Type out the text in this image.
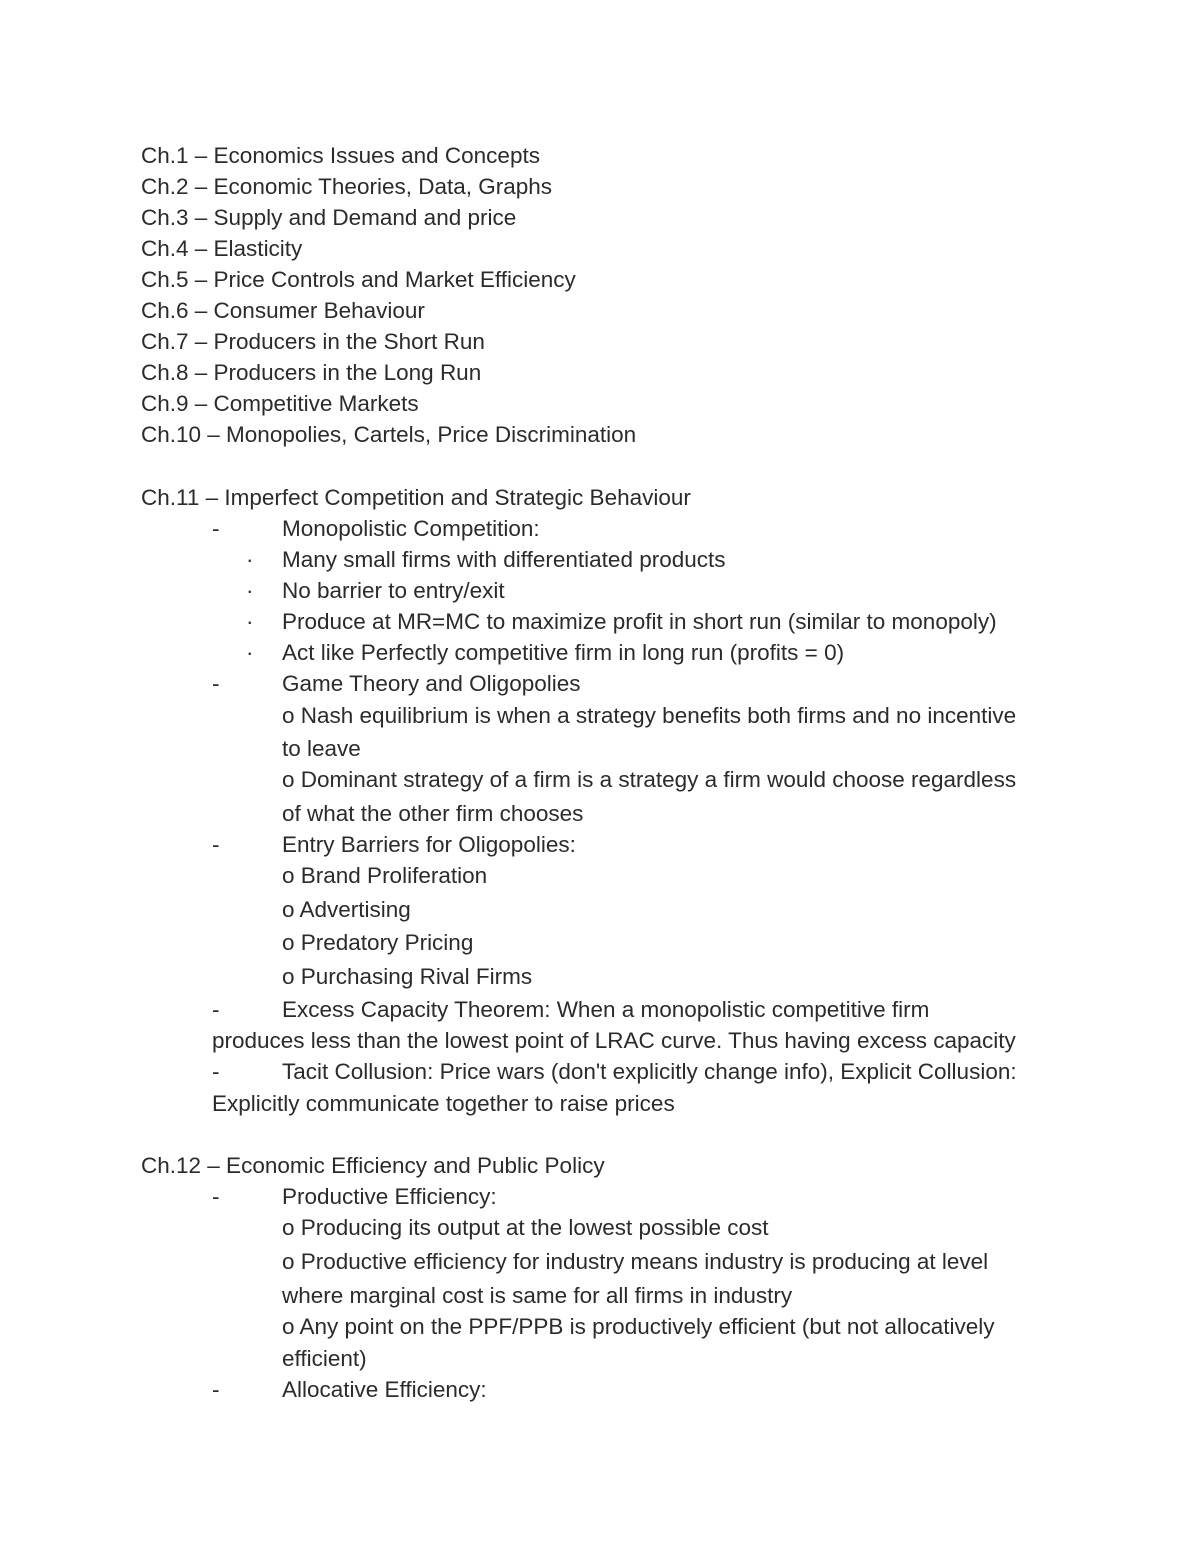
Ch.1 – Economics Issues and Concepts
Ch.2 – Economic Theories, Data, Graphs
Ch.3 – Supply and Demand and price
Ch.4 – Elasticity
Ch.5 – Price Controls and Market Efficiency
Ch.6 – Consumer Behaviour
Ch.7 – Producers in the Short Run
Ch.8 – Producers in the Long Run
Ch.9 – Competitive Markets
Ch.10 – Monopolies, Cartels, Price Discrimination
Ch.11 – Imperfect Competition and Strategic Behaviour
-	Monopolistic Competition:
· Many small firms with differentiated products
· No barrier to entry/exit
· Produce at MR=MC to maximize profit in short run (similar to monopoly)
· Act like Perfectly competitive firm in long run (profits = 0)
-	Game Theory and Oligopolies
o Nash equilibrium is when a strategy benefits both firms and no incentive
to leave
o Dominant strategy of a firm is a strategy a firm would choose regardless
of what the other firm chooses
-	Entry Barriers for Oligopolies:
o Brand Proliferation
o Advertising
o Predatory Pricing
o Purchasing Rival Firms
-	Excess Capacity Theorem: When a monopolistic competitive firm
produces less than the lowest point of LRAC curve. Thus having excess capacity
-	Tacit Collusion: Price wars (don't explicitly change info), Explicit Collusion:
Explicitly communicate together to raise prices
Ch.12 – Economic Efficiency and Public Policy
-	Productive Efficiency:
o Producing its output at the lowest possible cost
o Productive efficiency for industry means industry is producing at level
where marginal cost is same for all firms in industry
o Any point on the PPF/PPB is productively efficient (but not allocatively
efficient)
-	Allocative Efficiency:
